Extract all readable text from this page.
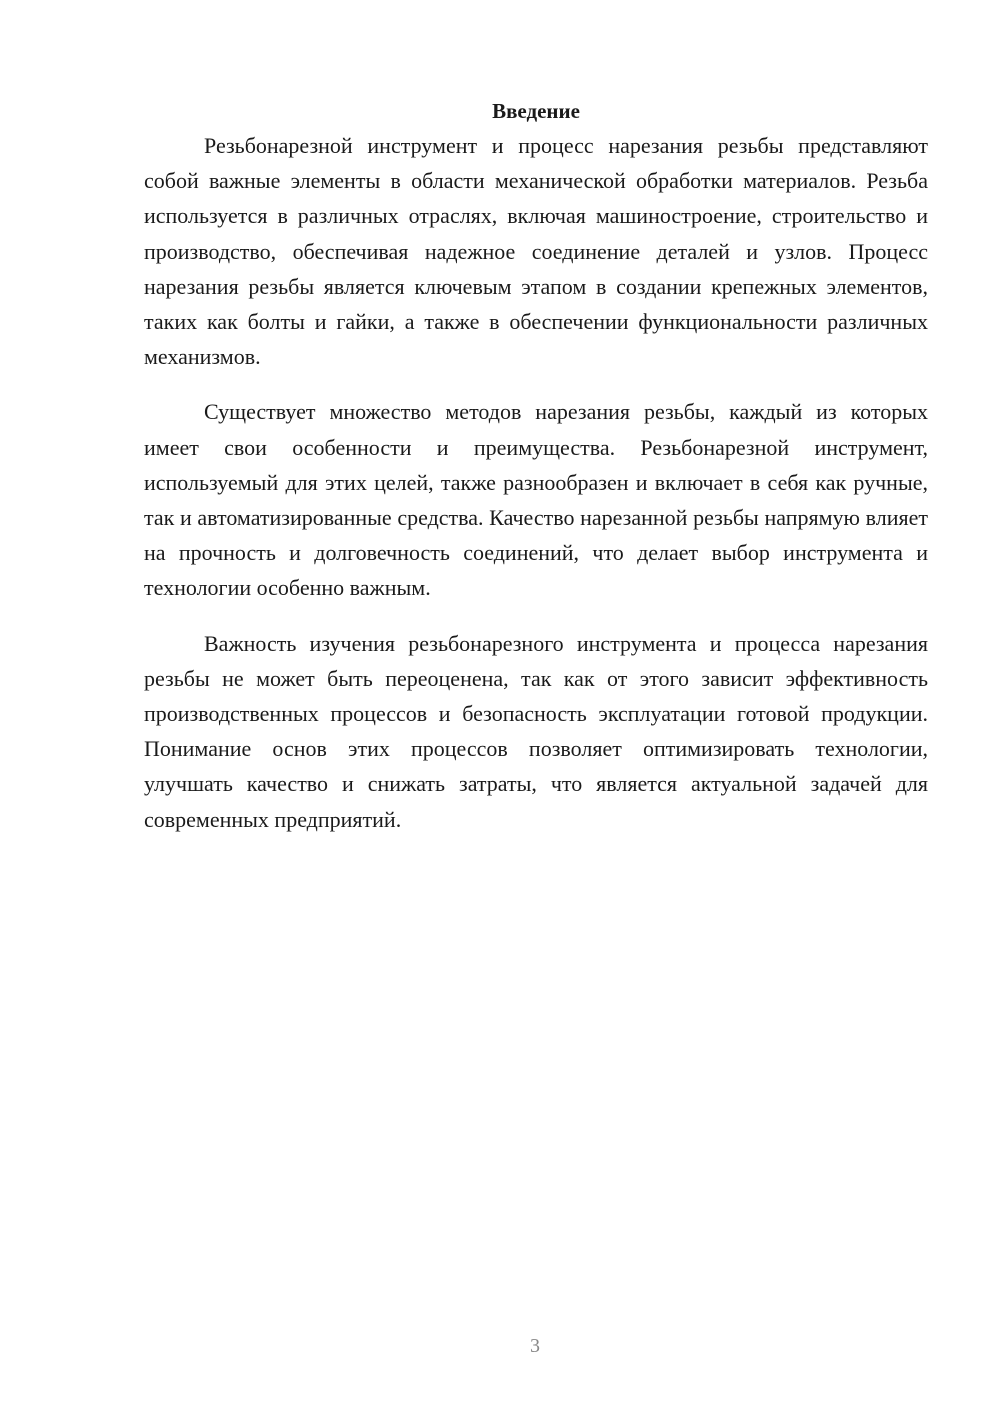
Введение

Резьбонарезной инструмент и процесс нарезания резьбы представляют собой важные элементы в области механической обработки материалов. Резьба используется в различных отраслях, включая машиностроение, строительство и производство, обеспечивая надежное соединение деталей и узлов. Процесс нарезания резьбы является ключевым этапом в создании крепежных элементов, таких как болты и гайки, а также в обеспечении функциональности различных механизмов.

Существует множество методов нарезания резьбы, каждый из которых имеет свои особенности и преимущества. Резьбонарезной инструмент, используемый для этих целей, также разнообразен и включает в себя как ручные, так и автоматизированные средства. Качество нарезанной резьбы напрямую влияет на прочность и долговечность соединений, что делает выбор инструмента и технологии особенно важным.

Важность изучения резьбонарезного инструмента и процесса нарезания резьбы не может быть переоценена, так как от этого зависит эффективность производственных процессов и безопасность эксплуатации готовой продукции. Понимание основ этих процессов позволяет оптимизировать технологии, улучшать качество и снижать затраты, что является актуальной задачей для современных предприятий.

3
